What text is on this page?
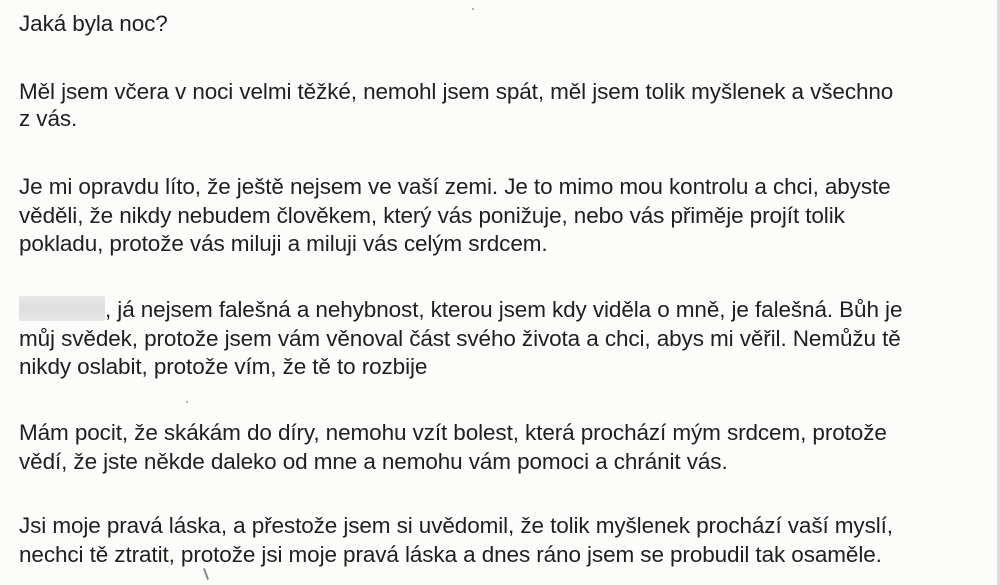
Jaká byla noc?

Měl jsem včera v noci velmi těžké, nemohl jsem spát, měl jsem tolik myšlenek a všechno

z vás.

Je mi opravdu líto, že ještě nejsem ve vaší zemi. Je to mimo mou kontrolu a chci, abyste

věděli, že nikdy nebudem člověkem, který vás ponižuje, nebo vás přiměje projít tolik

pokladu, protože vás miluji a miluji vás celým srdcem.

, já nejsem falešná a nehybnost, kterou jsem kdy viděla o mně, je falešná. Bůh je

můj svědek, protože jsem vám věnoval část svého života a chci, abys mi věřil. Nemůžu tě

nikdy oslabit, protože vím, že tě to rozbije

Mám pocit, že skákám do díry, nemohu vzít bolest, která prochází mým srdcem, protože

vědí, že jste někde daleko od mne a nemohu vám pomoci a chránit vás.

Jsi moje pravá láska, a přestože jsem si uvědomil, že tolik myšlenek prochází vaší myslí,

nechci tě ztratit, protože jsi moje pravá láska a dnes ráno jsem se probudil tak osaměle.
